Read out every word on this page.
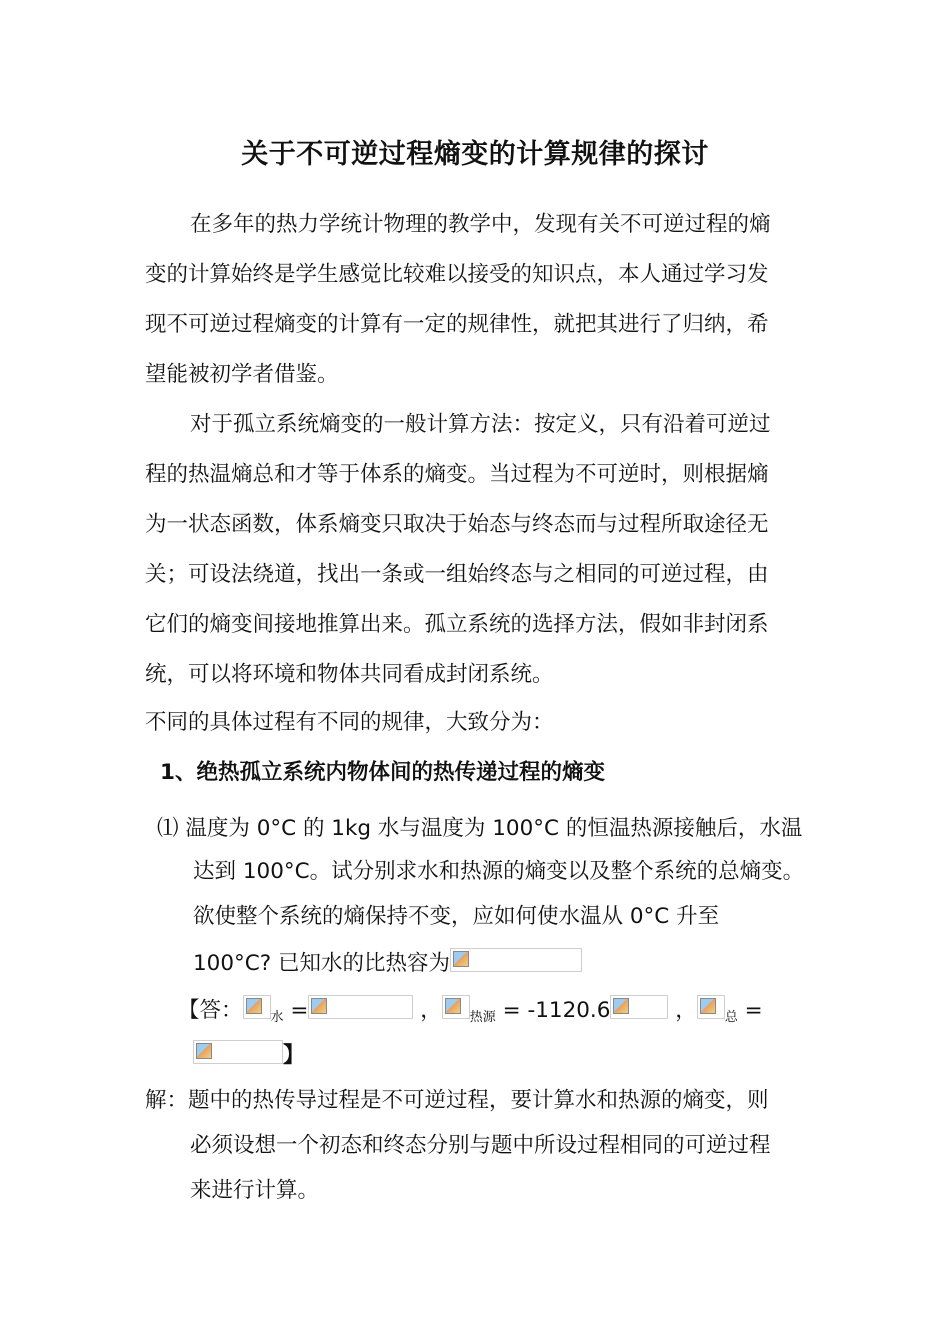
关于不可逆过程熵变的计算规律的探讨
在多年的热力学统计物理的教学中，发现有关不可逆过程的熵
变的计算始终是学生感觉比较难以接受的知识点，本人通过学习发
现不可逆过程熵变的计算有一定的规律性，就把其进行了归纳，希
望能被初学者借鉴。
对于孤立系统熵变的一般计算方法：按定义，只有沿着可逆过
程的热温熵总和才等于体系的熵变。当过程为不可逆时，则根据熵
为一状态函数，体系熵变只取决于始态与终态而与过程所取途径无
关；可设法绕道，找出一条或一组始终态与之相同的可逆过程，由
它们的熵变间接地推算出来。孤立系统的选择方法，假如非封闭系
统，可以将环境和物体共同看成封闭系统。
不同的具体过程有不同的规律，大致分为：
1、绝热孤立系统内物体间的热传递过程的熵变
⑴ 温度为 0°C 的 1kg 水与温度为 100°C 的恒温热源接触后，水温
达到 100°C。试分别求水和热源的熵变以及整个系统的总熵变。
欲使整个系统的熵保持不变，应如何使水温从 0°C 升至
100°C? 已知水的比热容为
【答： $_水$ =	， $_{热源}$ = -1120.6	， $_总$ =
】
解：题中的热传导过程是不可逆过程，要计算水和热源的熵变，则
必须设想一个初态和终态分别与题中所设过程相同的可逆过程
来进行计算。
